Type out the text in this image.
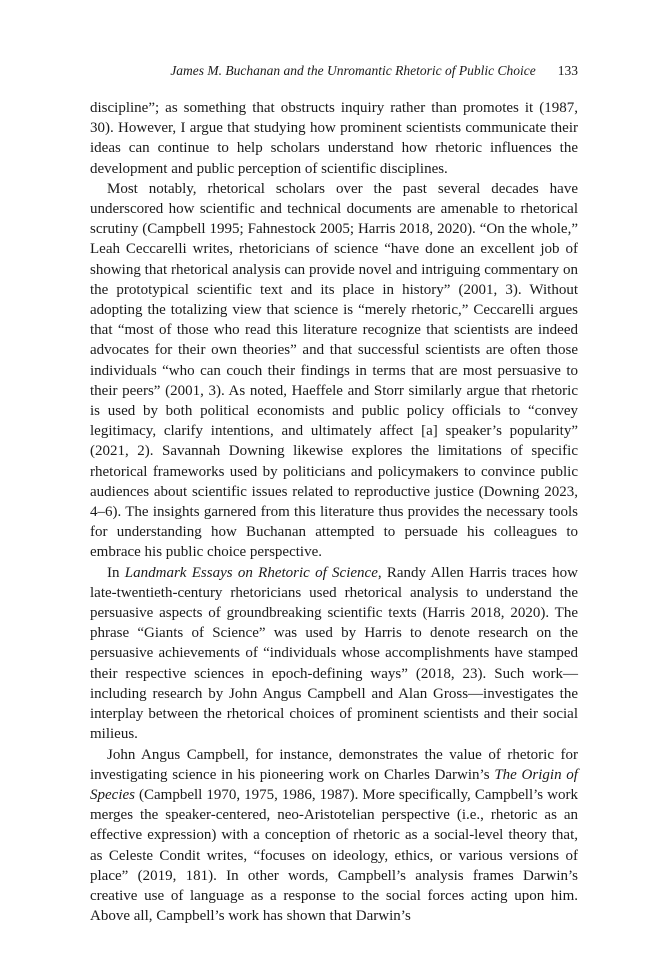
James M. Buchanan and the Unromantic Rhetoric of Public Choice 133

discipline”; as something that obstructs inquiry rather than promotes it (1987, 30). However, I argue that studying how prominent scientists communicate their ideas can continue to help scholars understand how rhetoric influences the development and public perception of scientific disciplines.

Most notably, rhetorical scholars over the past several decades have underscored how scientific and technical documents are amenable to rhetorical scrutiny (Campbell 1995; Fahnestock 2005; Harris 2018, 2020). “On the whole,” Leah Ceccarelli writes, rhetoricians of science “have done an excellent job of showing that rhetorical analysis can provide novel and intriguing commentary on the prototypical scientific text and its place in history” (2001, 3). Without adopting the totalizing view that science is “merely rhetoric,” Ceccarelli argues that “most of those who read this literature recognize that scientists are indeed advocates for their own theories” and that successful scientists are often those individuals “who can couch their findings in terms that are most persuasive to their peers” (2001, 3). As noted, Haeffele and Storr similarly argue that rhetoric is used by both political economists and public policy officials to “convey legitimacy, clarify intentions, and ultimately affect [a] speaker’s popularity” (2021, 2). Savannah Downing likewise explores the limitations of specific rhetorical frameworks used by politicians and policymakers to convince public audiences about scientific issues related to reproductive justice (Downing 2023, 4–6). The insights garnered from this literature thus provides the necessary tools for understanding how Buchanan attempted to persuade his colleagues to embrace his public choice perspective.

In Landmark Essays on Rhetoric of Science, Randy Allen Harris traces how late-twentieth-century rhetoricians used rhetorical analysis to understand the persuasive aspects of groundbreaking scientific texts (Harris 2018, 2020). The phrase “Giants of Science” was used by Harris to denote research on the persuasive achievements of “individuals whose accomplishments have stamped their respective sciences in epoch-defining ways” (2018, 23). Such work—including research by John Angus Campbell and Alan Gross—investigates the interplay between the rhetorical choices of prominent scientists and their social milieus.

John Angus Campbell, for instance, demonstrates the value of rhetoric for investigating science in his pioneering work on Charles Darwin’s The Origin of Species (Campbell 1970, 1975, 1986, 1987). More specifically, Campbell’s work merges the speaker-centered, neo-Aristotelian perspective (i.e., rhetoric as an effective expression) with a conception of rhetoric as a social-level theory that, as Celeste Condit writes, “focuses on ideology, ethics, or various versions of place” (2019, 181). In other words, Campbell’s analysis frames Darwin’s creative use of language as a response to the social forces acting upon him. Above all, Campbell’s work has shown that Darwin’s
